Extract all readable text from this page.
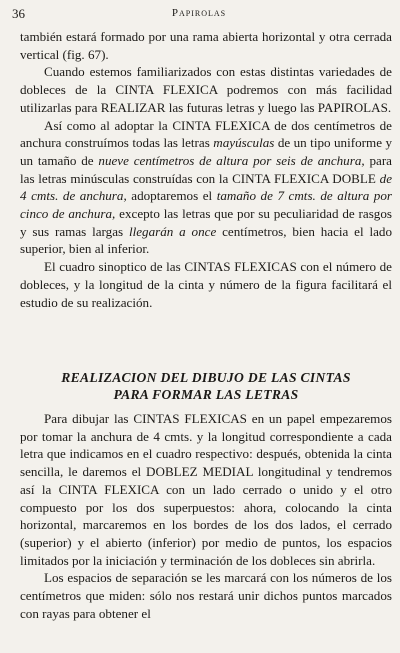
36	Papirolas

también estará formado por una rama abierta horizontal y otra cerrada vertical (fig. 67).

Cuando estemos familiarizados con estas distintas variedades de dobleces de la CINTA FLEXICA podremos con más facilidad utilizarlas para REALIZAR las futuras letras y luego las PAPIROLAS.

Así como al adoptar la CINTA FLEXICA de dos centímetros de anchura construímos todas las letras mayúsculas de un tipo uniforme y un tamaño de nueve centímetros de altura por seis de anchura, para las letras minúsculas construídas con la CINTA FLEXICA DOBLE de 4 cmts. de anchura, adoptaremos el tamaño de 7 cmts. de altura por cinco de anchura, excepto las letras que por su peculiaridad de rasgos y sus ramas largas llegarán a once centímetros, bien hacia el lado superior, bien al inferior.

El cuadro sinoptico de las CINTAS FLEXICAS con el número de dobleces, y la longitud de la cinta y número de la figura facilitará el estudio de su realización.

REALIZACION DEL DIBUJO DE LAS CINTAS
PARA FORMAR LAS LETRAS

Para dibujar las CINTAS FLEXICAS en un papel empezaremos por tomar la anchura de 4 cmts. y la longitud correspondiente a cada letra que indicamos en el cuadro respectivo: después, obtenida la cinta sencilla, le daremos el DOBLEZ MEDIAL longitudinal y tendremos así la CINTA FLEXICA con un lado cerrado o unido y el otro compuesto por los dos superpuestos: ahora, colocando la cinta horizontal, marcaremos en los bordes de los dos lados, el cerrado (superior) y el abierto (inferior) por medio de puntos, los espacios limitados por la iniciación y terminación de los dobleces sin abrirla.

Los espacios de separación se les marcará con los números de los centímetros que miden: sólo nos restará unir dichos puntos marcados con rayas para obtener el
